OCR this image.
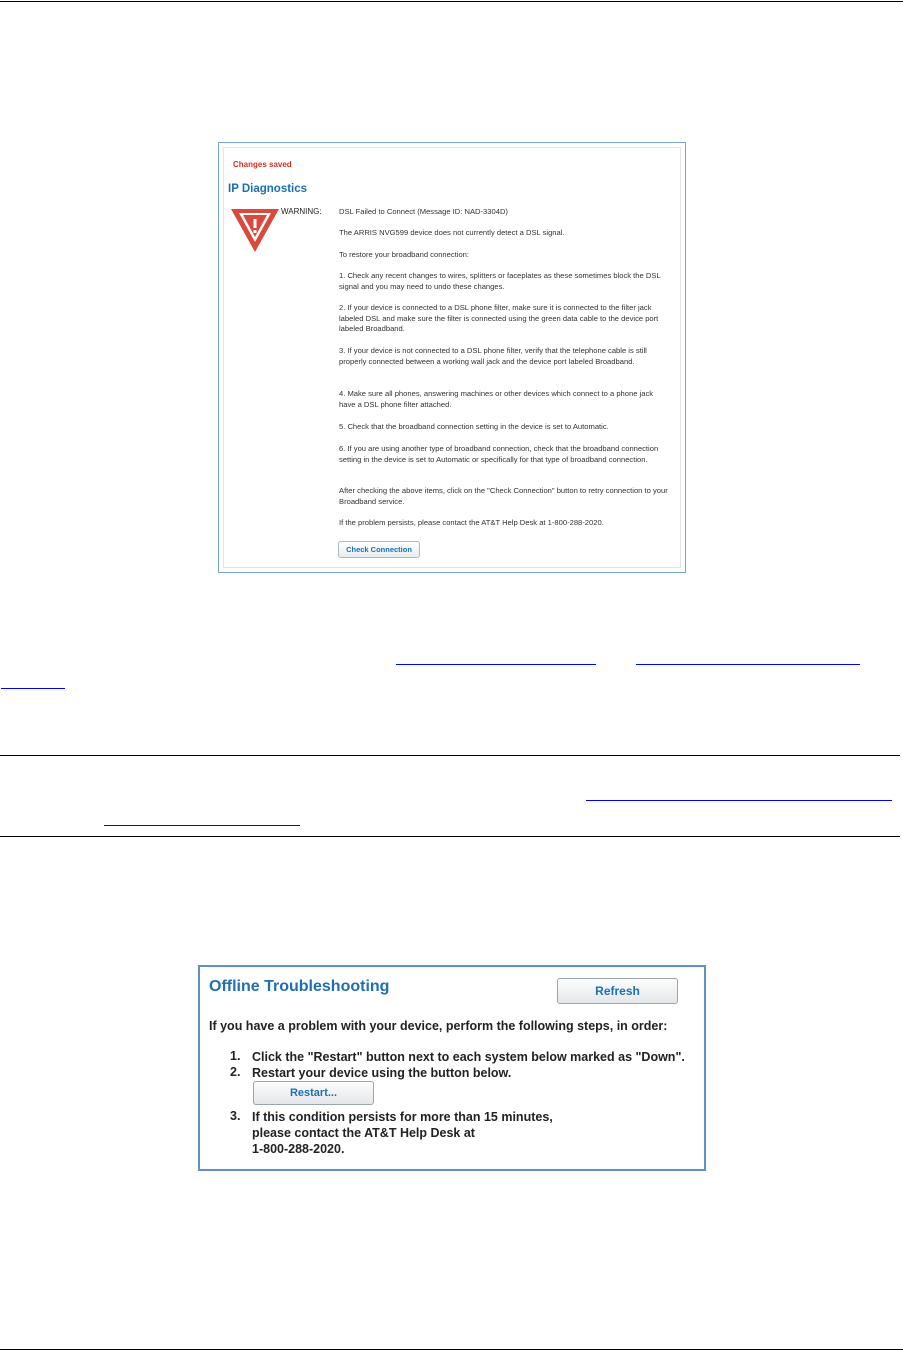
Changes saved
IP Diagnostics
WARNING: DSL Failed to Connect (Message ID: NAD-3304D)
The ARRIS NVG599 device does not currently detect a DSL signal.
To restore your broadband connection:
1. Check any recent changes to wires, splitters or faceplates as these sometimes block the DSL signal and you may need to undo these changes.
2. If your device is connected to a DSL phone filter, make sure it is connected to the filter jack labeled DSL and make sure the filter is connected using the green data cable to the device port labeled Broadband.
3. If your device is not connected to a DSL phone filter, verify that the telephone cable is still properly connected between a working wall jack and the device port labeled Broadband.
4. Make sure all phones, answering machines or other devices which connect to a phone jack have a DSL phone filter attached.
5. Check that the broadband connection setting in the device is set to Automatic.
6. If you are using another type of broadband connection, check that the broadband connection setting in the device is set to Automatic or specifically for that type of broadband connection.
After checking the above items, click on the "Check Connection" button to retry connection to your Broadband service.
If the problem persists, please contact the AT&T Help Desk at 1-800-288-2020.
Check Connection
Offline Troubleshooting	Refresh
If you have a problem with your device, perform the following steps, in order:
1. Click the "Restart" button next to each system below marked as "Down".
2. Restart your device using the button below.
Restart...
3. If this condition persists for more than 15 minutes,
please contact the AT&T Help Desk at
1-800-288-2020.
